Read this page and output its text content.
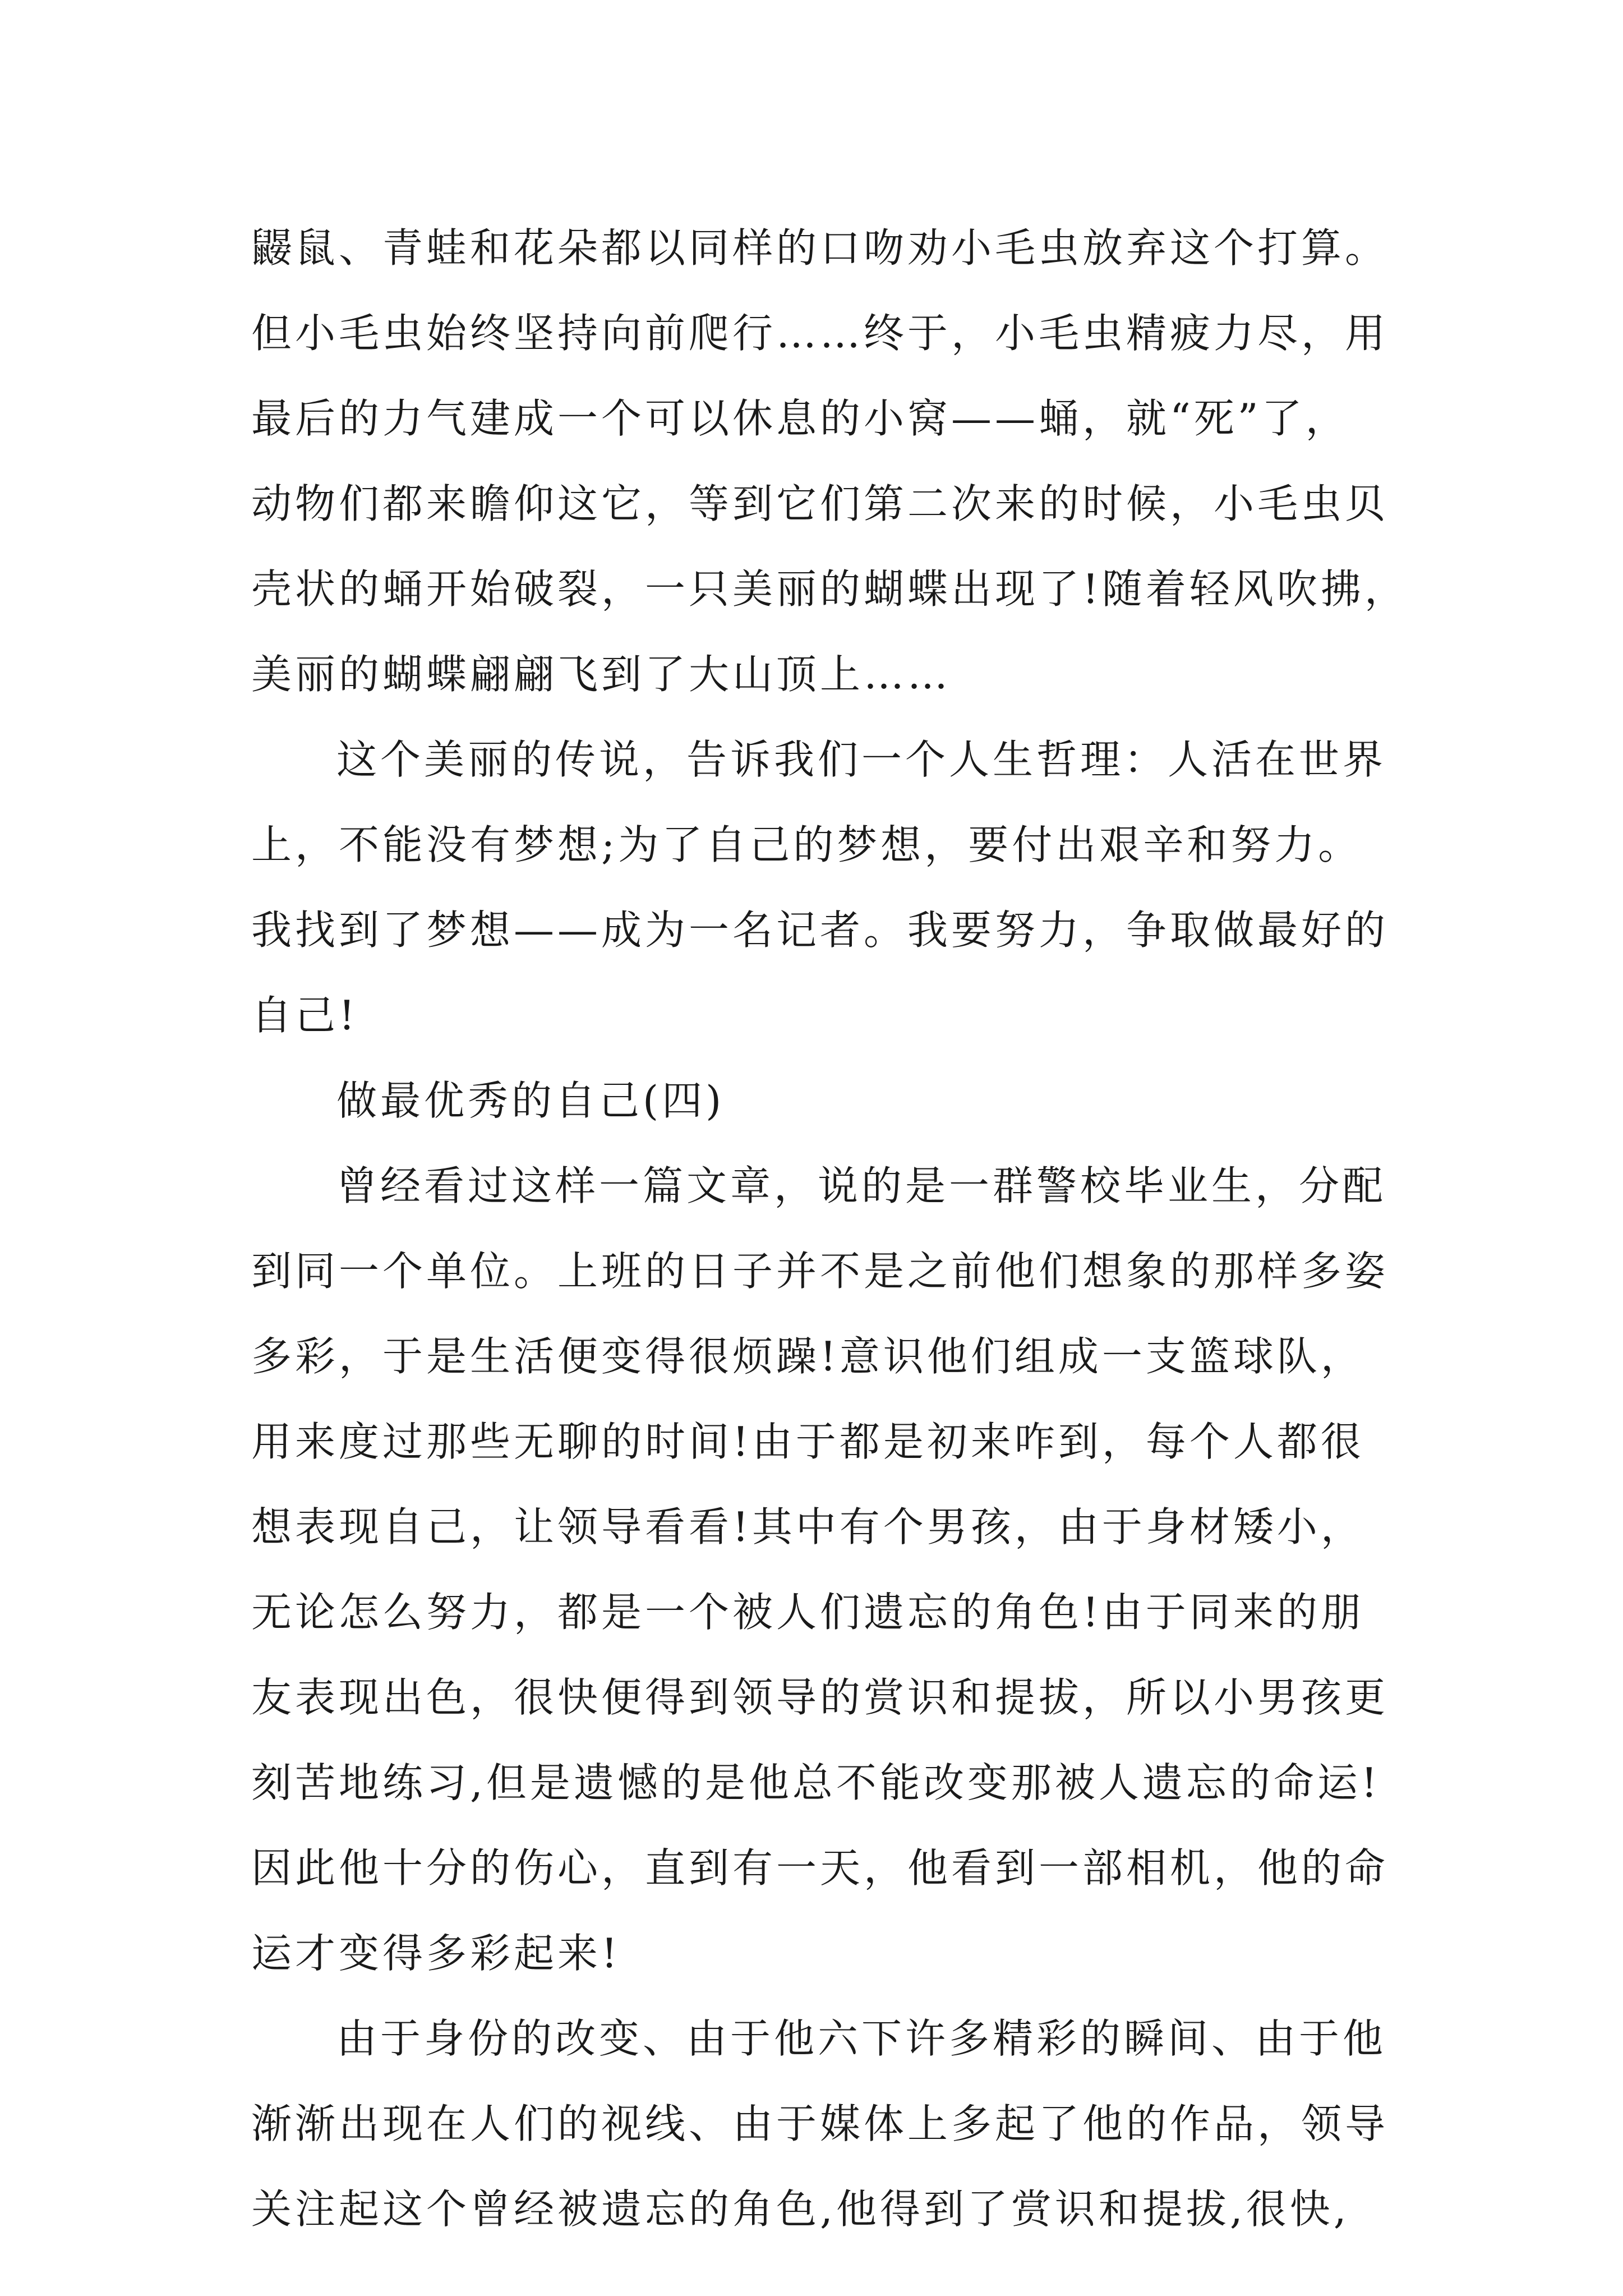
鼹鼠、青蛙和花朵都以同样的口吻劝小毛虫放弃这个打算。
但小毛虫始终坚持向前爬行……终于，小毛虫精疲力尽，用
最后的力气建成一个可以休息的小窝——蛹，就“死”了，
动物们都来瞻仰这它，等到它们第二次来的时候，小毛虫贝
壳状的蛹开始破裂，一只美丽的蝴蝶出现了!随着轻风吹拂，
美丽的蝴蝶翩翩飞到了大山顶上……
这个美丽的传说，告诉我们一个人生哲理：人活在世界
上，不能没有梦想;为了自己的梦想，要付出艰辛和努力。
我找到了梦想——成为一名记者。我要努力，争取做最好的
自己!
做最优秀的自己(四)
曾经看过这样一篇文章，说的是一群警校毕业生，分配
到同一个单位。上班的日子并不是之前他们想象的那样多姿
多彩，于是生活便变得很烦躁!意识他们组成一支篮球队，
用来度过那些无聊的时间!由于都是初来咋到，每个人都很
想表现自己，让领导看看!其中有个男孩，由于身材矮小，
无论怎么努力，都是一个被人们遗忘的角色!由于同来的朋
友表现出色，很快便得到领导的赏识和提拔，所以小男孩更
刻苦地练习,但是遗憾的是他总不能改变那被人遗忘的命运!
因此他十分的伤心，直到有一天，他看到一部相机，他的命
运才变得多彩起来!
由于身份的改变、由于他六下许多精彩的瞬间、由于他
渐渐出现在人们的视线、由于媒体上多起了他的作品，领导
关注起这个曾经被遗忘的角色,他得到了赏识和提拔,很快,
